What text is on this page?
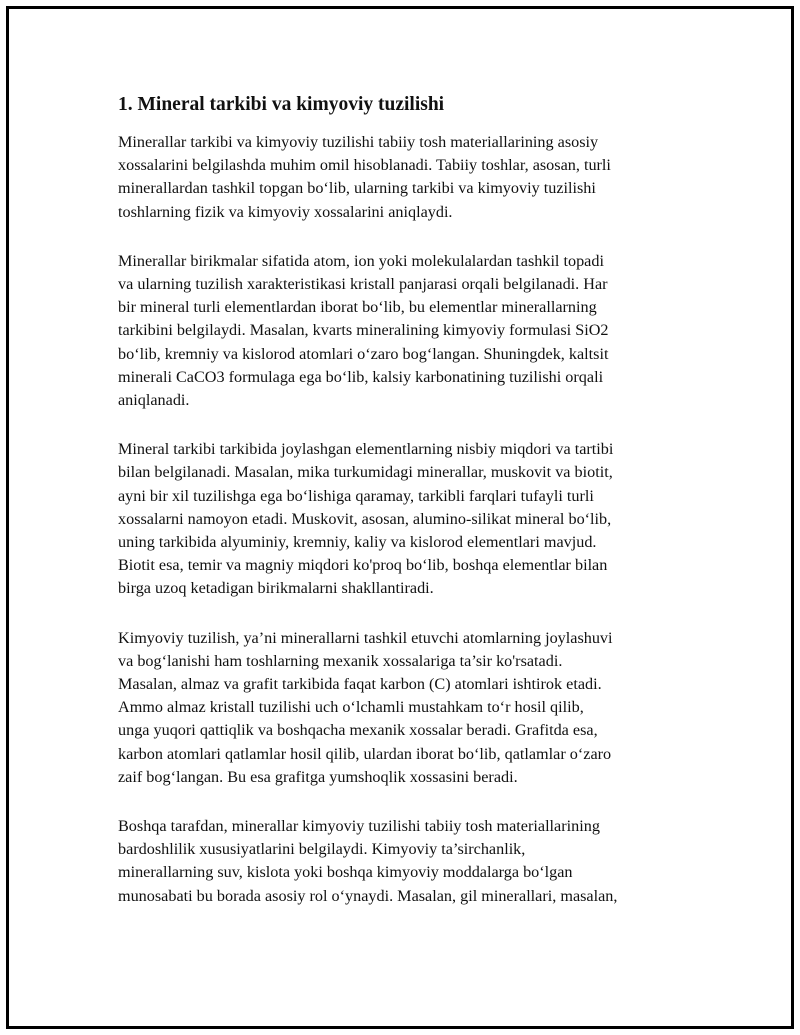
1. Mineral tarkibi va kimyoviy tuzilishi

Minerallar tarkibi va kimyoviy tuzilishi tabiiy tosh materiallarining asosiy
xossalarini belgilashda muhim omil hisoblanadi. Tabiiy toshlar, asosan, turli
minerallardan tashkil topgan bo‘lib, ularning tarkibi va kimyoviy tuzilishi
toshlarning fizik va kimyoviy xossalarini aniqlaydi.

Minerallar birikmalar sifatida atom, ion yoki molekulalardan tashkil topadi
va ularning tuzilish xarakteristikasi kristall panjarasi orqali belgilanadi. Har
bir mineral turli elementlardan iborat bo‘lib, bu elementlar minerallarning
tarkibini belgilaydi. Masalan, kvarts mineralining kimyoviy formulasi SiO2
bo‘lib, kremniy va kislorod atomlari o‘zaro bog‘langan. Shuningdek, kaltsit
minerali CaCO3 formulaga ega bo‘lib, kalsiy karbonatining tuzilishi orqali
aniqlanadi.

Mineral tarkibi tarkibida joylashgan elementlarning nisbiy miqdori va tartibi
bilan belgilanadi. Masalan, mika turkumidagi minerallar, muskovit va biotit,
ayni bir xil tuzilishga ega bo‘lishiga qaramay, tarkibli farqlari tufayli turli
xossalarni namoyon etadi. Muskovit, asosan, alumino-silikat mineral bo‘lib,
uning tarkibida alyuminiy, kremniy, kaliy va kislorod elementlari mavjud.
Biotit esa, temir va magniy miqdori ko'proq bo‘lib, boshqa elementlar bilan
birga uzoq ketadigan birikmalarni shakllantiradi.

Kimyoviy tuzilish, ya’ni minerallarni tashkil etuvchi atomlarning joylashuvi
va bog‘lanishi ham toshlarning mexanik xossalariga ta’sir ko'rsatadi.
Masalan, almaz va grafit tarkibida faqat karbon (C) atomlari ishtirok etadi.
Ammo almaz kristall tuzilishi uch o‘lchamli mustahkam to‘r hosil qilib,
unga yuqori qattiqlik va boshqacha mexanik xossalar beradi. Grafitda esa,
karbon atomlari qatlamlar hosil qilib, ulardan iborat bo‘lib, qatlamlar o‘zaro
zaif bog‘langan. Bu esa grafitga yumshoqlik xossasini beradi.

Boshqa tarafdan, minerallar kimyoviy tuzilishi tabiiy tosh materiallarining
bardoshlilik xususiyatlarini belgilaydi. Kimyoviy ta’sirchanlik,
minerallarning suv, kislota yoki boshqa kimyoviy moddalarga bo‘lgan
munosabati bu borada asosiy rol o‘ynaydi. Masalan, gil minerallari, masalan,
